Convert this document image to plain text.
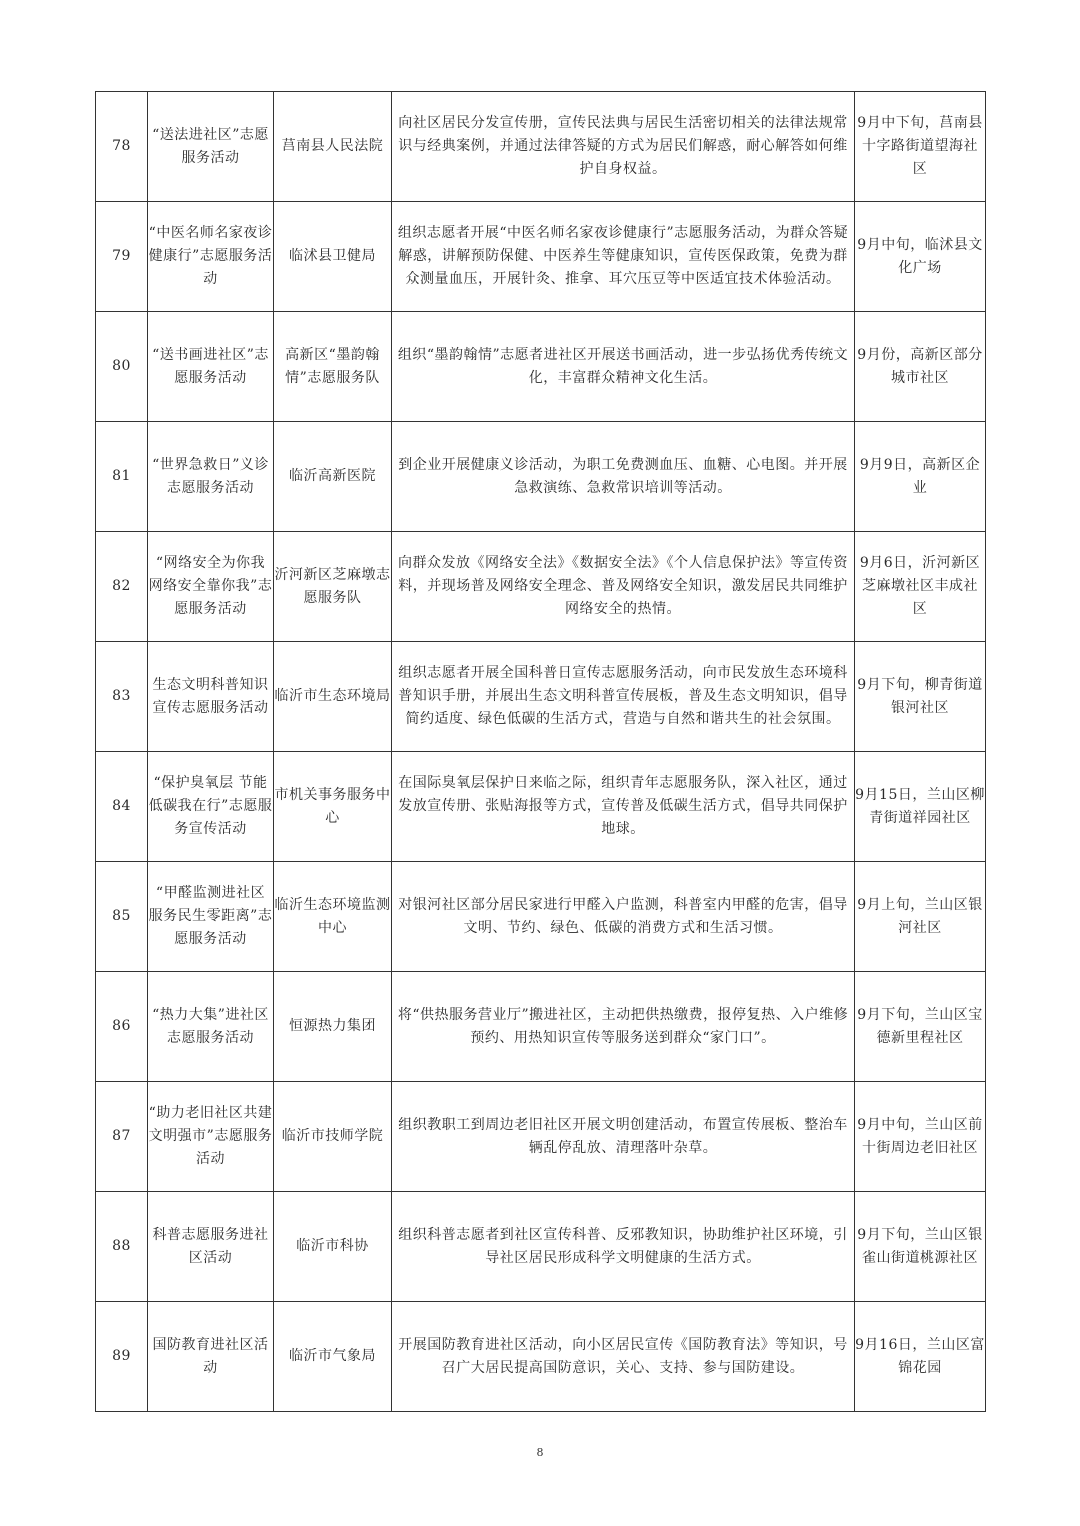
78	“送法进社区”志愿服务活动	莒南县人民法院	向社区居民分发宣传册，宣传民法典与居民生活密切相关的法律法规常识与经典案例，并通过法律答疑的方式为居民们解惑，耐心解答如何维护自身权益。	9月中下旬，莒南县十字路街道望海社区
79	“中医名师名家夜诊健康行”志愿服务活动	临沭县卫健局	组织志愿者开展“中医名师名家夜诊健康行”志愿服务活动，为群众答疑解惑，讲解预防保健、中医养生等健康知识，宣传医保政策，免费为群众测量血压，开展针灸、推拿、耳穴压豆等中医适宜技术体验活动。	9月中旬，临沭县文化广场
80	“送书画进社区”志愿服务活动	高新区“墨韵翰情”志愿服务队	组织“墨韵翰情”志愿者进社区开展送书画活动，进一步弘扬优秀传统文化，丰富群众精神文化生活。	9月份，高新区部分城市社区
81	“世界急救日”义诊志愿服务活动	临沂高新医院	到企业开展健康义诊活动，为职工免费测血压、血糖、心电图。并开展急救演练、急救常识培训等活动。	9月9日，高新区企业
82	“网络安全为你我 网络安全靠你我”志愿服务活动	沂河新区芝麻墩志愿服务队	向群众发放《网络安全法》《数据安全法》《个人信息保护法》等宣传资料，并现场普及网络安全理念、普及网络安全知识，激发居民共同维护网络安全的热情。	9月6日，沂河新区芝麻墩社区丰成社区
83	生态文明科普知识宣传志愿服务活动	临沂市生态环境局	组织志愿者开展全国科普日宣传志愿服务活动，向市民发放生态环境科普知识手册，并展出生态文明科普宣传展板，普及生态文明知识，倡导简约适度、绿色低碳的生活方式，营造与自然和谐共生的社会氛围。	9月下旬，柳青街道银河社区
84	“保护臭氧层 节能低碳我在行”志愿服务宣传活动	市机关事务服务中心	在国际臭氧层保护日来临之际，组织青年志愿服务队，深入社区，通过发放宣传册、张贴海报等方式，宣传普及低碳生活方式，倡导共同保护地球。	9月15日，兰山区柳青街道祥园社区
85	“甲醛监测进社区 服务民生零距离”志愿服务活动	临沂生态环境监测中心	对银河社区部分居民家进行甲醛入户监测，科普室内甲醛的危害，倡导文明、节约、绿色、低碳的消费方式和生活习惯。	9月上旬，兰山区银河社区
86	“热力大集”进社区志愿服务活动	恒源热力集团	将“供热服务营业厅”搬进社区，主动把供热缴费，报停复热、入户维修预约、用热知识宣传等服务送到群众“家门口”。	9月下旬，兰山区宝德新里程社区
87	“助力老旧社区共建文明强市”志愿服务活动	临沂市技师学院	组织教职工到周边老旧社区开展文明创建活动，布置宣传展板、整治车辆乱停乱放、清理落叶杂草。	9月中旬，兰山区前十街周边老旧社区
88	科普志愿服务进社区活动	临沂市科协	组织科普志愿者到社区宣传科普、反邪教知识，协助维护社区环境，引导社区居民形成科学文明健康的生活方式。	9月下旬，兰山区银雀山街道桃源社区
89	国防教育进社区活动	临沂市气象局	开展国防教育进社区活动，向小区居民宣传《国防教育法》等知识，号召广大居民提高国防意识，关心、支持、参与国防建设。	9月16日，兰山区富锦花园
8
